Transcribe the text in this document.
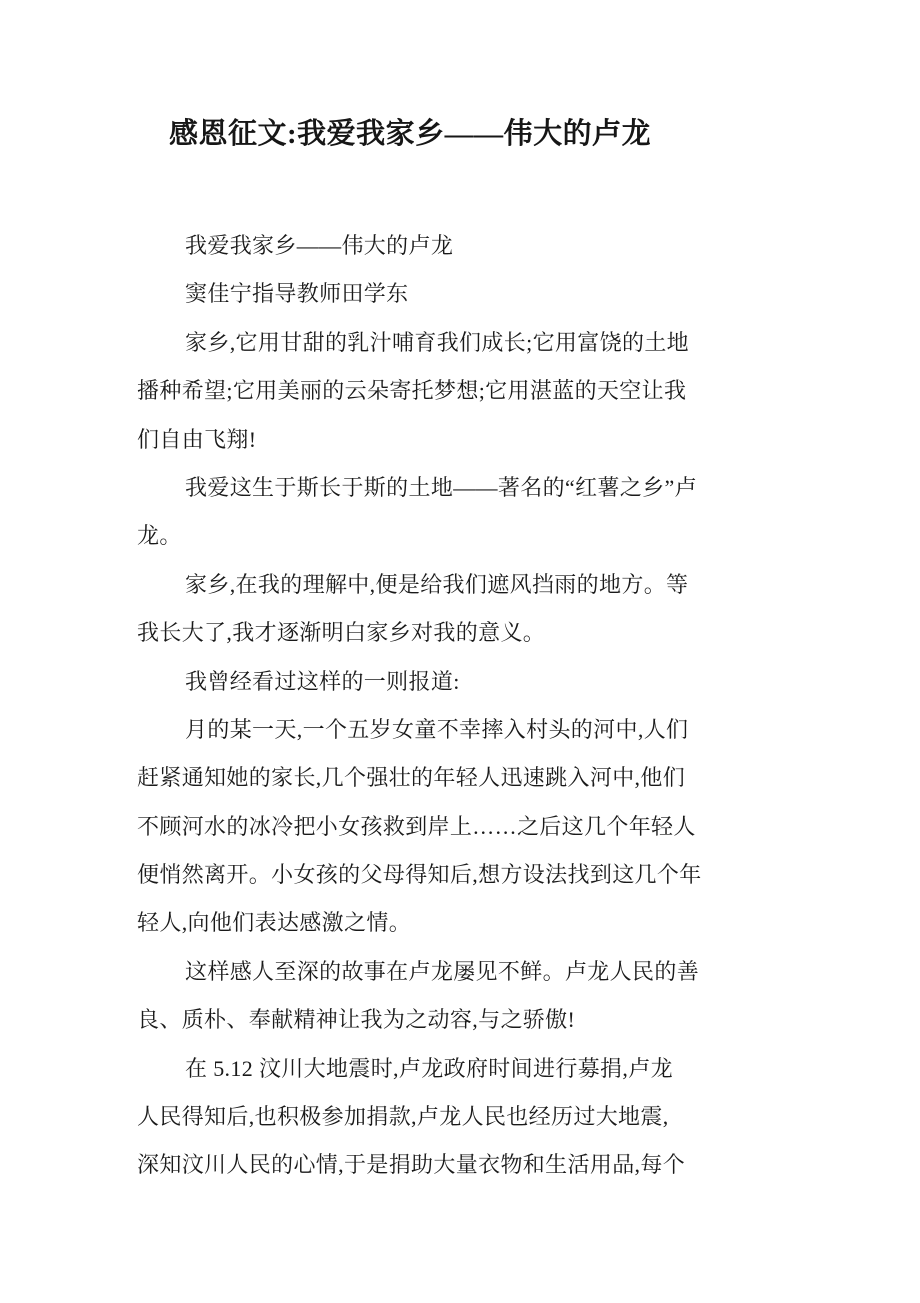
感恩征文:我爱我家乡——伟大的卢龙
我爱我家乡——伟大的卢龙
窦佳宁指导教师田学东
家乡,它用甘甜的乳汁哺育我们成长;它用富饶的土地
播种希望;它用美丽的云朵寄托梦想;它用湛蓝的天空让我
们自由飞翔!
我爱这生于斯长于斯的土地——著名的“红薯之乡”卢
龙。
家乡,在我的理解中,便是给我们遮风挡雨的地方。等
我长大了,我才逐渐明白家乡对我的意义。
我曾经看过这样的一则报道:
月的某一天,一个五岁女童不幸摔入村头的河中,人们
赶紧通知她的家长,几个强壮的年轻人迅速跳入河中,他们
不顾河水的冰冷把小女孩救到岸上……之后这几个年轻人
便悄然离开。小女孩的父母得知后,想方设法找到这几个年
轻人,向他们表达感激之情。
这样感人至深的故事在卢龙屡见不鲜。卢龙人民的善
良、质朴、奉献精神让我为之动容,与之骄傲!
在 5.12 汶川大地震时,卢龙政府时间进行募捐,卢龙
人民得知后,也积极参加捐款,卢龙人民也经历过大地震,
深知汶川人民的心情,于是捐助大量衣物和生活用品,每个
